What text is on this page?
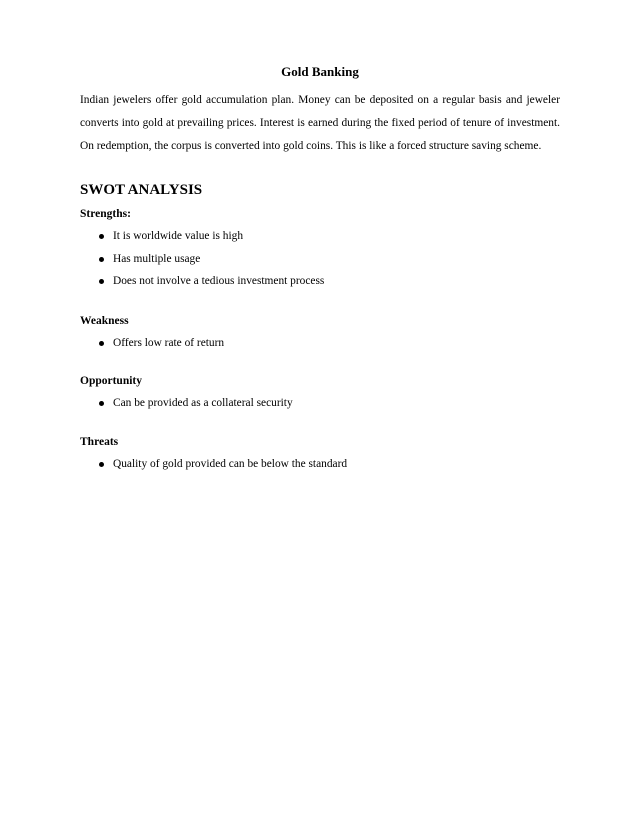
Gold Banking

Indian jewelers offer gold accumulation plan. Money can be deposited on a regular basis and jeweler converts into gold at prevailing prices. Interest is earned during the fixed period of tenure of investment. On redemption, the corpus is converted into gold coins. This is like a forced structure saving scheme.

SWOT ANALYSIS
Strengths:
It is worldwide value is high
Has multiple usage
Does not involve a tedious investment process
Weakness
Offers low rate of return
Opportunity
Can be provided as a collateral security
Threats
Quality of gold provided can be below the standard
